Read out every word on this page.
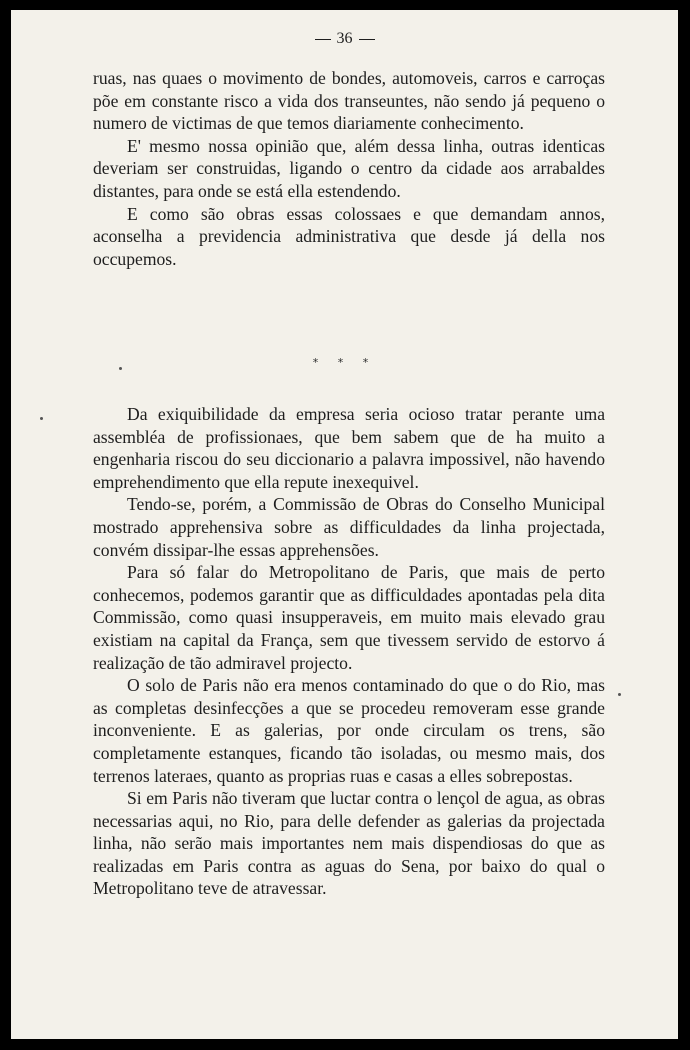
36

ruas, nas quaes o movimento de bondes, automoveis, carros e carroças põe em constante risco a vida dos transeuntes, não sendo já pequeno o numero de victimas de que temos diariamente conhecimento.

E' mesmo nossa opinião que, além dessa linha, outras identicas deveriam ser construidas, ligando o centro da cidade aos arrabaldes distantes, para onde se está ella estendendo.

E como são obras essas colossaes e que demandam annos, aconselha a previdencia administrativa que desde já della nos occupemos.

Da exiquibilidade da empresa seria ocioso tratar perante uma assembléa de profissionaes, que bem sabem que de ha muito a engenharia riscou do seu diccionario a palavra impossivel, não havendo emprehendimento que ella repute inexequivel.

Tendo-se, porém, a Commissão de Obras do Conselho Municipal mostrado apprehensiva sobre as difficuldades da linha projectada, convém dissipar-lhe essas apprehensões.

Para só falar do Metropolitano de Paris, que mais de perto conhecemos, podemos garantir que as difficuldades apontadas pela dita Commissão, como quasi insupperaveis, em muito mais elevado grau existiam na capital da França, sem que tivessem servido de estorvo á realização de tão admiravel projecto.

O solo de Paris não era menos contaminado do que o do Rio, mas as completas desinfecções a que se procedeu removeram esse grande inconveniente. E as galerias, por onde circulam os trens, são completamente estanques, ficando tão isoladas, ou mesmo mais, dos terrenos lateraes, quanto as proprias ruas e casas a elles sobrepostas.

Si em Paris não tiveram que luctar contra o lençol de agua, as obras necessarias aqui, no Rio, para delle defender as galerias da projectada linha, não serão mais importantes nem mais dispendiosas do que as realizadas em Paris contra as aguas do Sena, por baixo do qual o Metropolitano teve de atravessar.

* * *
